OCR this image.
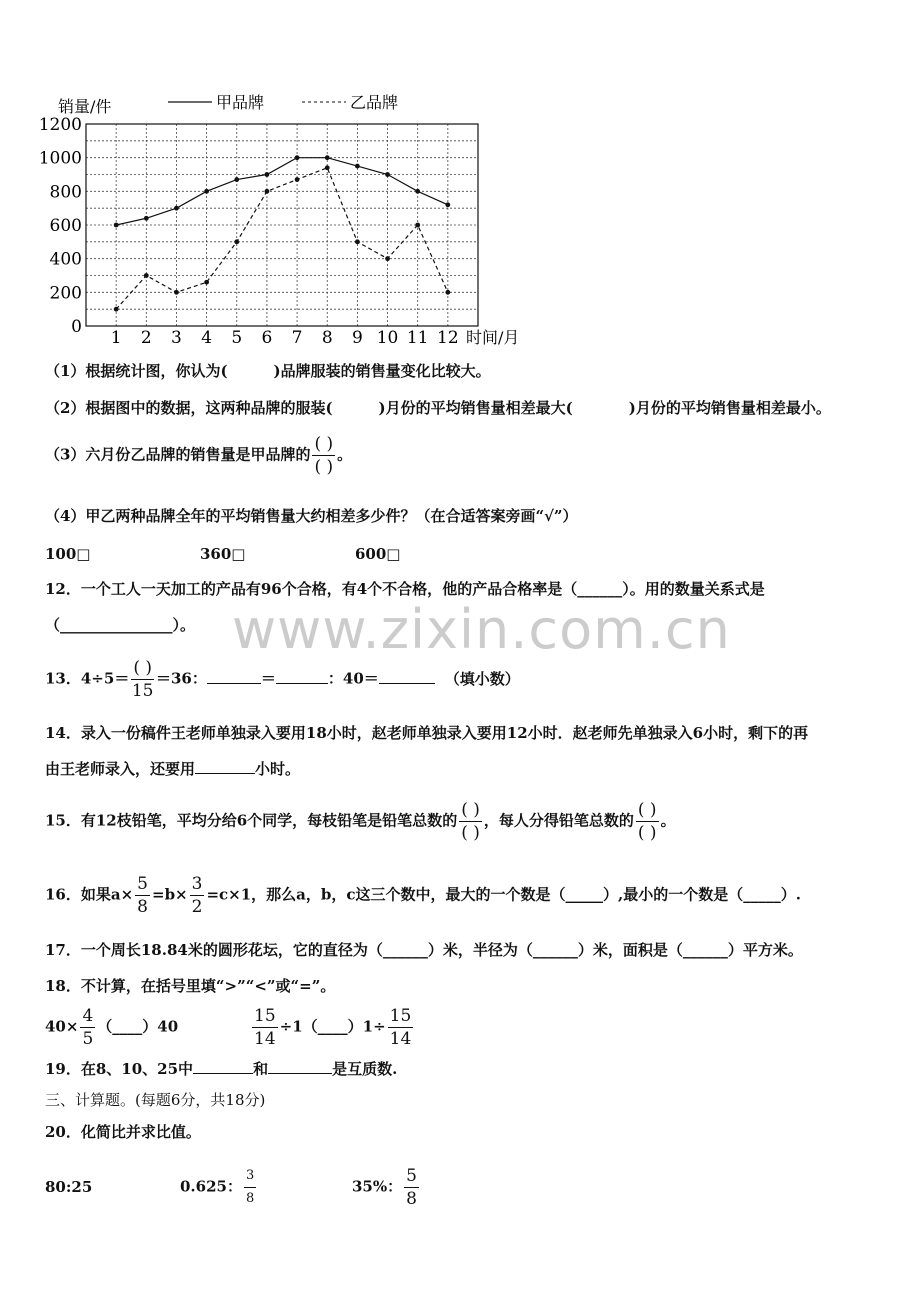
0
200
400
600
800
1000
1200
1 2 3 4 5 6 7 8 9 10 11 12
销量/件
时间/月
甲品牌	乙品牌
（1）根据统计图，你认为(	)品牌服装的销售量变化比较大。
（2）根据图中的数据，这两种品牌的服装(	)月份的平均销售量相差最大(	)月份的平均销售量相差最小。
（3）六月份乙品牌的销售量是甲品牌的 $\frac{( )}{( )}$ 。
（4）甲乙两种品牌全年的平均销售量大约相差多少件？（在合适答案旁画“√”）
100□	360□	600□
12．一个工人一天加工的产品有96个合格，有4个不合格，他的产品合格率是（______）。用的数量关系式是
（_______________）。
13．$4\div 5= \frac{( )}{15} =36$：	＝	：40＝	（填小数）
14．录入一份稿件王老师单独录入要用18小时，赵老师单独录入要用12小时．赵老师先单独录入6小时，剩下的再
由王老师录入，还要用	小时。
15．有12枝铅笔，平均分给6个同学，每枝铅笔是铅笔总数的 $\frac{( )}{( )}$ ，每人分得铅笔总数的 $\frac{( )}{( )}$ 。
16．如果$a\times \frac{5}{8} =b\times \frac{3}{2} =c\times 1$，那么a，b，c这三个数中，最大的一个数是（_____）,最小的一个数是（_____）.
17．一个周长18.84米的圆形花坛，它的直径为（______）米，半径为（______）米，面积是（______）平方米。
18．不计算，在括号里填“>”“<”或“=”。
$40\times \frac{4}{5}$ （____）40	$\frac{15}{14}$ ÷1（____）1÷ $\frac{15}{14}$
19．在8、10、25中	和	是互质数.
三、计算题。(每题6分，共18分)
20．化简比并求比值。
80:25	0.625： $\frac{3}{8}$	35%： $\frac{5}{8}$
www.zixin.com.cn
